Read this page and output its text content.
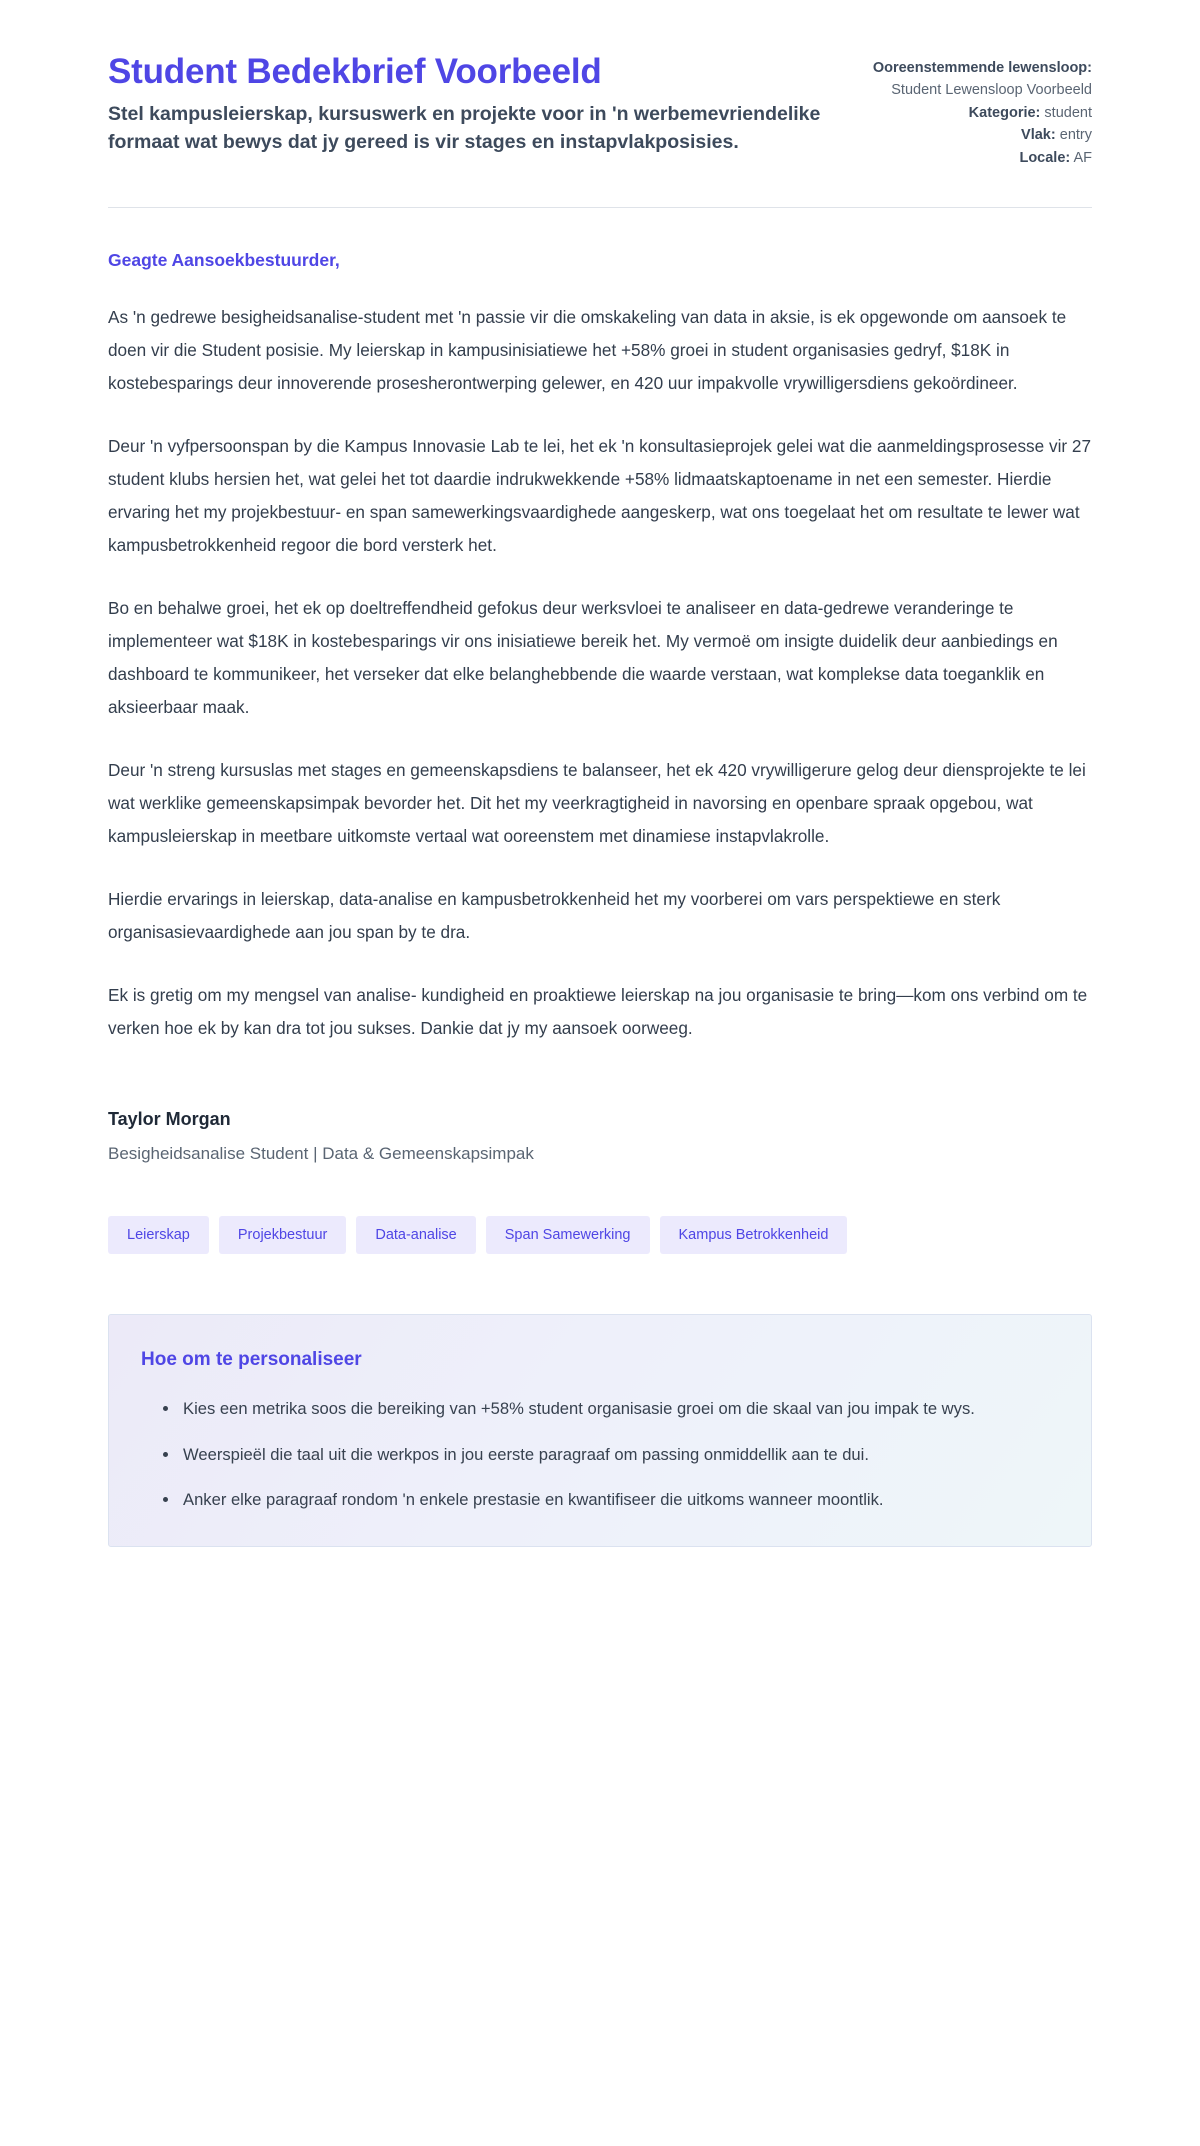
Student Bedekbrief Voorbeeld

Stel kampusleierskap, kursuswerk en projekte voor in 'n werbemevriendelike formaat wat bewys dat jy gereed is vir stages en instapvlakposisies.

Ooreenstemmende lewensloop: Student Lewensloop Voorbeeld
Kategorie: student
Vlak: entry
Locale: AF

Geagte Aansoekbestuurder,

As 'n gedrewe besigheidsanalise-student met 'n passie vir die omskakeling van data in aksie, is ek opgewonde om aansoek te doen vir die Student posisie. My leierskap in kampusinisiatiewe het +58% groei in student organisasies gedryf, $18K in kostebesparings deur innoverende prosesherontwerping gelewer, en 420 uur impakvolle vrywilligersdiens gekoördineer.

Deur 'n vyfpersoonspan by die Kampus Innovasie Lab te lei, het ek 'n konsultasieprojek gelei wat die aanmeldingsprosesse vir 27 student klubs hersien het, wat gelei het tot daardie indrukwekkende +58% lidmaatskaptoename in net een semester. Hierdie ervaring het my projekbestuur- en span samewerkingsvaardighede aangeskerp, wat ons toegelaat het om resultate te lewer wat kampusbetrokkenheid regoor die bord versterk het.

Bo en behalwe groei, het ek op doeltreffendheid gefokus deur werksvloei te analiseer en data-gedrewe veranderinge te implementeer wat $18K in kostebesparings vir ons inisiatiewe bereik het. My vermoë om insigte duidelik deur aanbiedings en dashboard te kommunikeer, het verseker dat elke belanghebbende die waarde verstaan, wat komplekse data toeganklik en aksieerbaar maak.

Deur 'n streng kursuslas met stages en gemeenskapsdiens te balanseer, het ek 420 vrywilligerure gelog deur diensprojekte te lei wat werklike gemeenskapsimpak bevorder het. Dit het my veerkragtigheid in navorsing en openbare spraak opgebou, wat kampusleierskap in meetbare uitkomste vertaal wat ooreenstem met dinamiese instapvlakrolle.

Hierdie ervarings in leierskap, data-analise en kampusbetrokkenheid het my voorberei om vars perspektiewe en sterk organisasievaardighede aan jou span by te dra.

Ek is gretig om my mengsel van analise- kundigheid en proaktiewe leierskap na jou organisasie te bring—kom ons verbind om te verken hoe ek by kan dra tot jou sukses. Dankie dat jy my aansoek oorweeg.

Taylor Morgan

Besigheidsanalise Student | Data & Gemeenskapsimpak

Leierskap	Projekbestuur	Data-analise	Span Samewerking	Kampus Betrokkenheid
Hoe om te personaliseer
Kies een metrika soos die bereiking van +58% student organisasie groei om die skaal van jou impak te wys.
Weerspieël die taal uit die werkpos in jou eerste paragraaf om passing onmiddellik aan te dui.
Anker elke paragraaf rondom 'n enkele prestasie en kwantifiseer die uitkoms wanneer moontlik.
